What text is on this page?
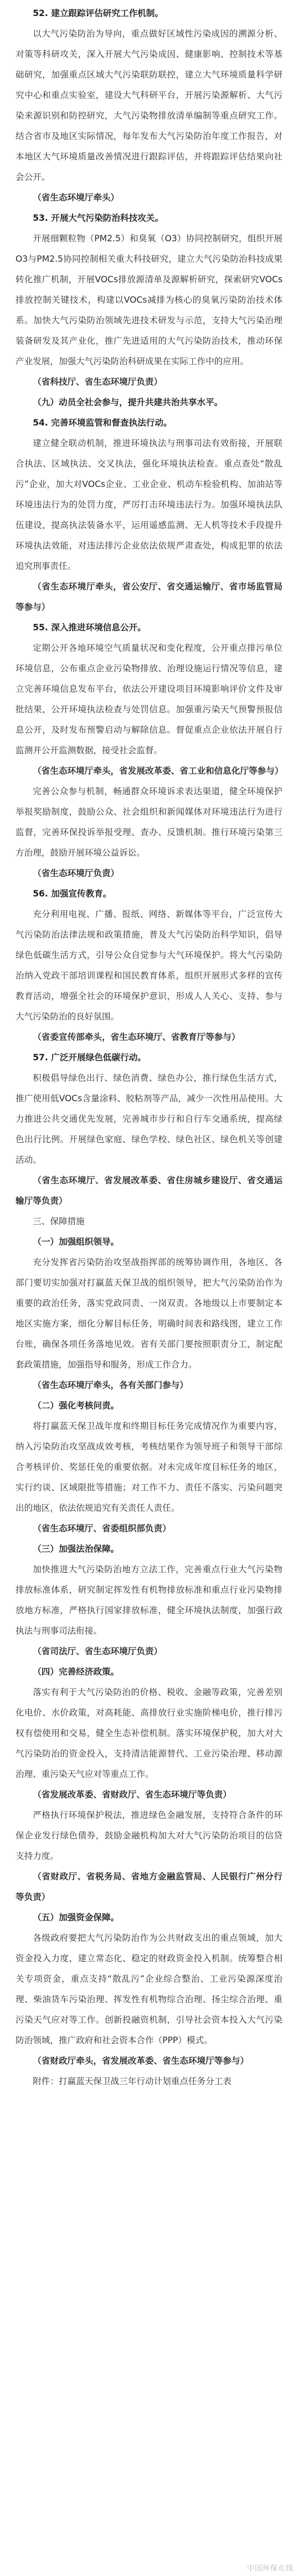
52. 建立跟踪评估研究工作机制。

以大气污染防治为导向，重点做好区域性污染成因的溯源分析、对策等科研攻关，深入开展大气污染成因、健康影响、控制技术等基础研究，加强重点区域大气污染联防联控，建立大气环境质量科学研究中心和重点实验室，建设大气科研平台，开展污染源解析、大气污染来源识别和防控研究，大气污染物排放清单编制等重点研究工作。结合省市及地区实际情况，每年发布大气污染防治年度工作报告，对本地区大气环境质量改善情况进行跟踪评估，并将跟踪评估结果向社会公开。

（省生态环境厅牵头）

53. 开展大气污染防治科技攻关。

开展细颗粒物（PM2.5）和臭氧（O3）协同控制研究，组织开展O3与PM2.5协同控制相关重大科技研究，建立大气污染防治科技成果转化推广机制，开展VOCs排放源清单及源解析研究，探索研究VOCs排放控制关键技术，构建以VOCs减排为核心的臭氧污染防治技术体系。加快大气污染防治领域先进技术研发与示范，支持大气污染治理装备研发及其产业化，推广先进适用的大气污染防治技术，推动环保产业发展，加强大气污染防治科研成果在实际工作中的应用。

（省科技厅、省生态环境厅负责）

（九）动员全社会参与，提升共建共治共享水平。

54. 完善环境监管和督查执法行动。

建立健全联动机制，推进环境执法与刑事司法有效衔接，开展联合执法、区域执法、交叉执法，强化环境执法检查。重点查处“散乱污”企业，加大对VOCs企业、工业企业、机动车检验机构、加油站等环境违法行为的处罚力度，严厉打击环境违法行为。加强环境执法队伍建设，提高执法装备水平，运用遥感监测、无人机等技术手段提升环境执法效能，对违法排污企业依法依规严肃查处，构成犯罪的依法追究刑事责任。

（省生态环境厅牵头，省公安厅、省交通运输厅、省市场监管局等参与）

55. 深入推进环境信息公开。

定期公开各地环境空气质量状况和变化程度，公开重点排污单位环境信息，公布重点企业污染物排放、治理设施运行情况等信息，建立完善环境信息发布平台，依法公开建设项目环境影响评价文件及审批结果，公开环境执法检查与处罚信息。加强重污染天气预警预报信息公开，及时发布预警启动与解除信息。督促重点企业依法开展自行监测并公开监测数据，接受社会监督。

（省生态环境厅牵头，省发展改革委、省工业和信息化厅等参与）

完善公众参与机制，畅通群众环境诉求表达渠道，健全环境保护举报奖励制度，鼓励公众、社会组织和新闻媒体对环境违法行为进行监督，完善环保投诉举报受理、查办、反馈机制。推行环境污染第三方治理，鼓励开展环境公益诉讼。

（省生态环境厅负责）

56. 加强宣传教育。

充分利用电视、广播、报纸、网络、新媒体等平台，广泛宣传大气污染防治法律法规和政策措施，普及大气污染防治科学知识，倡导绿色低碳生活方式，引导公众自觉参与大气环境保护。将大气污染防治纳入党政干部培训课程和国民教育体系，组织开展形式多样的宣传教育活动，增强全社会的环境保护意识，形成人人关心、支持、参与大气污染防治的良好氛围。

（省委宣传部牵头，省生态环境厅、省教育厅等参与）

57. 广泛开展绿色低碳行动。

积极倡导绿色出行、绿色消费、绿色办公，推行绿色生活方式，推广使用低VOCs含量涂料、胶粘剂等产品，减少一次性用品使用。大力推进公共交通优先发展，完善城市步行和自行车交通系统，提高绿色出行比例。开展绿色家庭、绿色学校、绿色社区、绿色机关等创建活动。

（省生态环境厅、省发展改革委、省住房城乡建设厅、省交通运输厅等负责）

三、保障措施

（一）加强组织领导。

充分发挥省污染防治攻坚战指挥部的统筹协调作用，各地区、各部门要切实加强对打赢蓝天保卫战的组织领导，把大气污染防治作为重要的政治任务，落实党政同责、一岗双责。各地级以上市要制定本地区实施方案，细化分解目标任务，明确时间表和路线图，建立工作台账，确保各项任务落地见效。省有关部门要按照职责分工，制定配套政策措施，加强指导和服务，形成工作合力。

（省生态环境厅牵头，各有关部门参与）

（二）强化考核问责。

将打赢蓝天保卫战年度和终期目标任务完成情况作为重要内容，纳入污染防治攻坚战成效考核，考核结果作为领导班子和领导干部综合考核评价、奖惩任免的重要依据。对未完成年度目标任务的地区，实行约谈、区域限批等措施；对工作不力、责任不落实、污染问题突出的地区，依法依规追究有关责任人责任。

（省生态环境厅、省委组织部负责）

（三）加强法治保障。

加快推进大气污染防治地方立法工作，完善重点行业大气污染物排放标准体系，研究制定挥发性有机物排放标准和重点行业污染物排放地方标准，严格执行国家排放标准，健全环境执法制度，加强行政执法与刑事司法衔接。

（省司法厅、省生态环境厅负责）

（四）完善经济政策。

落实有利于大气污染防治的价格、税收、金融等政策，完善差别化电价、水价政策，对高耗能、高排放行业实施阶梯电价，推行排污权有偿使用和交易，健全生态补偿机制。落实环境保护税，加大对大气污染防治的资金投入，支持清洁能源替代、工业污染治理、移动源治理、重污染天气应对等重点工作。

（省发展改革委、省财政厅、省生态环境厅等负责）

严格执行环境保护税法，推进绿色金融发展，支持符合条件的环保企业发行绿色债券，鼓励金融机构加大对大气污染防治项目的信贷支持力度。

（省财政厅、省税务局、省地方金融监管局、人民银行广州分行等负责）

（五）加强资金保障。

各级政府要把大气污染防治作为公共财政支出的重点领域，加大资金投入力度，建立常态化、稳定的财政资金投入机制。统筹整合相关专项资金，重点支持“散乱污”企业综合整治、工业污染源深度治理、柴油货车污染治理、挥发性有机物综合治理、扬尘综合治理、重污染天气应对等工作。创新投融资机制，引导社会资本投入大气污染防治领域，推广政府和社会资本合作（PPP）模式。

（省财政厅牵头，省发展改革委、省生态环境厅等参与）

附件：打赢蓝天保卫战三年行动计划重点任务分工表

中国环保在线
